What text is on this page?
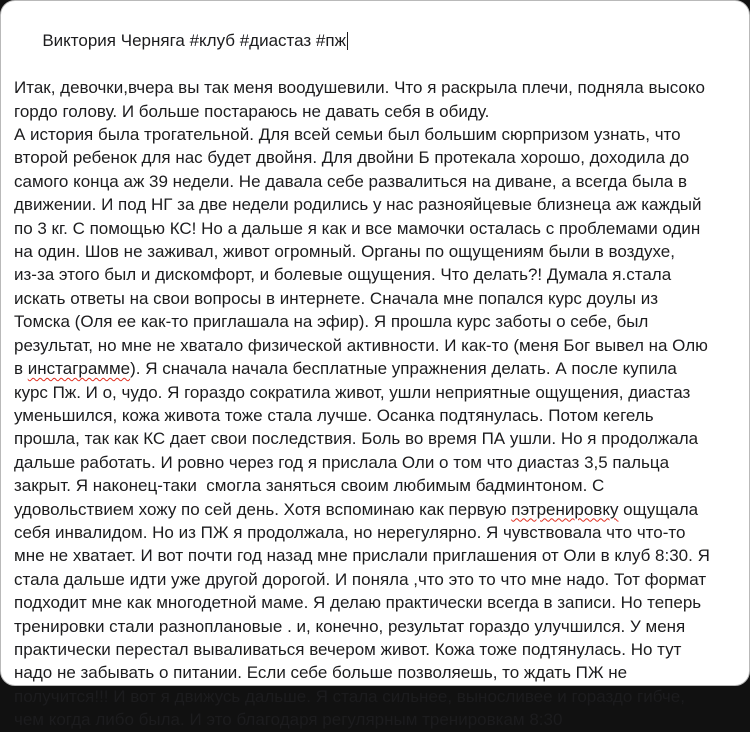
Виктория Черняга #клуб #диастаз #пж

Итак, девочки,вчера вы так меня воодушевили. Что я раскрыла плечи, подняла высоко
гордо голову. И больше постараюсь не давать себя в обиду.
А история была трогательной. Для всей семьи был большим сюрпризом узнать, что
второй ребенок для нас будет двойня. Для двойни Б протекала хорошо, доходила до
самого конца аж 39 недели. Не давала себе развалиться на диване, а всегда была в
движении. И под НГ за две недели родились у нас разнояйцевые близнеца аж каждый
по 3 кг. С помощью КС! Но а дальше я как и все мамочки осталась с проблемами один
на один. Шов не заживал, живот огромный. Органы по ощущениям были в воздухе,
из-за этого был и дискомфорт, и болевые ощущения. Что делать?! Думала я.стала
искать ответы на свои вопросы в интернете. Сначала мне попался курс доулы из
Томска (Оля ее как-то приглашала на эфир). Я прошла курс заботы о себе, был
результат, но мне не хватало физической активности. И как-то (меня Бог вывел на Олю
в инстаграмме). Я сначала начала бесплатные упражнения делать. А после купила
курс Пж. И о, чудо. Я гораздо сократила живот, ушли неприятные ощущения, диастаз
уменьшился, кожа живота тоже стала лучше. Осанка подтянулась. Потом кегель
прошла, так как КС дает свои последствия. Боль во время ПА ушли. Но я продолжала
дальше работать. И ровно через год я прислала Оли о том что диастаз 3,5 пальца
закрыт. Я наконец-таки  смогла заняться своим любимым бадминтоном. С
удовольствием хожу по сей день. Хотя вспоминаю как первую пэтренировку ощущала
себя инвалидом. Но из ПЖ я продолжала, но нерегулярно. Я чувствовала что что-то
мне не хватает. И вот почти год назад мне прислали приглашения от Оли в клуб 8:30. Я
стала дальше идти уже другой дорогой. И поняла ,что это то что мне надо. Тот формат
подходит мне как многодетной маме. Я делаю практически всегда в записи. Но теперь
тренировки стали разноплановые . и, конечно, результат гораздо улучшился. У меня
практически перестал вываливаться вечером живот. Кожа тоже подтянулась. Но тут
надо не забывать о питании. Если себе больше позволяешь, то ждать ПЖ не
получится!!! И вот я движусь дальше. Я стала сильнее, выносливее и гораздо гибче,
чем когда либо была. И это благодаря регулярным тренировкам 8:30
